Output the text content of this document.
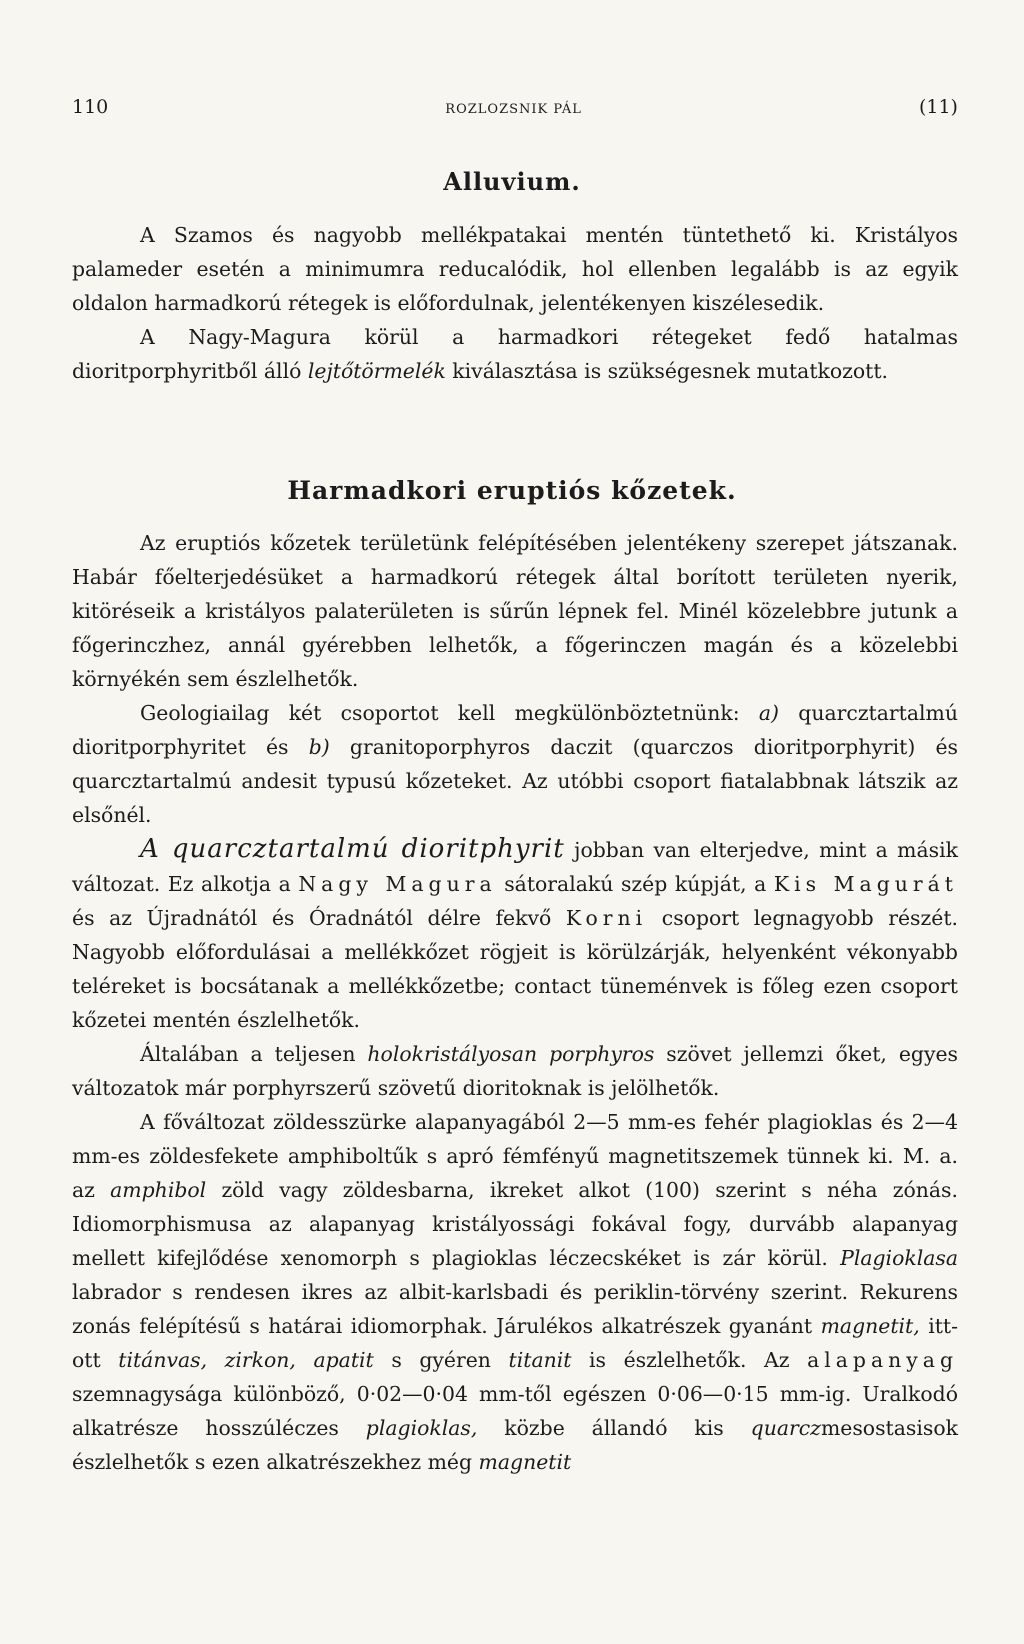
110	ROZLOZSNIK PÁL	(11)
Alluvium.

A Szamos és nagyobb mellékpatakai mentén tüntethető ki. Kristályos palameder esetén a minimumra reducalódik, hol ellenben legalább is az egyik oldalon harmadkorú rétegek is előfordulnak, jelentékenyen kiszélesedik.

A Nagy-Magura körül a harmadkori rétegeket fedő hatalmas dioritporphyritből álló lejtőtörmelék kiválasztása is szükségesnek mutatkozott.

Harmadkori eruptiós kőzetek.

Az eruptiós kőzetek területünk felépítésében jelentékeny szerepet játszanak. Habár főelterjedésüket a harmadkorú rétegek által borított területen nyerik, kitöréseik a kristályos palaterületen is sűrűn lépnek fel. Minél közelebbre jutunk a főgerinczhez, annál gyérebben lelhetők, a főgerinczen magán és a közelebbi környékén sem észlelhetők.

Geologiailag két csoportot kell megkülönböztetnünk: a) quarcztartalmú dioritporphyritet és b) granitoporphyros daczit (quarczos dioritporphyrit) és quarcztartalmú andesit typusú kőzeteket. Az utóbbi csoport fiatalabbnak látszik az elsőnél.

A quarcztartalmú dioritphyrit jobban van elterjedve, mint a másik változat. Ez alkotja a Nagy Magura sátoralakú szép kúpját, a Kis Magurát és az Újradnától és Óradnától délre fekvő Korni csoport legnagyobb részét. Nagyobb előfordulásai a mellékkőzet rögjeit is körülzárják, helyenként vékonyabb teléreket is bocsátanak a mellékkőzetbe; contact tüneménvek is főleg ezen csoport kőzetei mentén észlelhetők.

Általában a teljesen holokristályosan porphyros szövet jellemzi őket, egyes változatok már porphyrszerű szövetű dioritoknak is jelölhetők.

A főváltozat zöldesszürke alapanyagából 2—5 mm-es fehér plagioklas és 2—4 mm-es zöldesfekete amphiboltűk s apró fémfényű magnetitszemek tünnek ki. M. a. az amphibol zöld vagy zöldesbarna, ikreket alkot (100) szerint s néha zónás. Idiomorphismusa az alapanyag kristályossági fokával fogy, durvább alapanyag mellett kifejlődése xenomorph s plagioklas léczecskéket is zár körül. Plagioklasa labrador s rendesen ikres az albit-karlsbadi és periklin-törvény szerint. Rekurens zonás felépítésű s határai idiomorphak. Járulékos alkatrészek gyanánt magnetit, itt-ott titánvas, zirkon, apatit s gyéren titanit is észlelhetők. Az alapanyag szemnagysága különböző, 0·02—0·04 mm-től egészen 0·06—0·15 mm-ig. Uralkodó alkatrésze hosszúléczes plagioklas, közbe állandó kis quarczmesostasisok észlelhetők s ezen alkatrészekhez még magnetit
